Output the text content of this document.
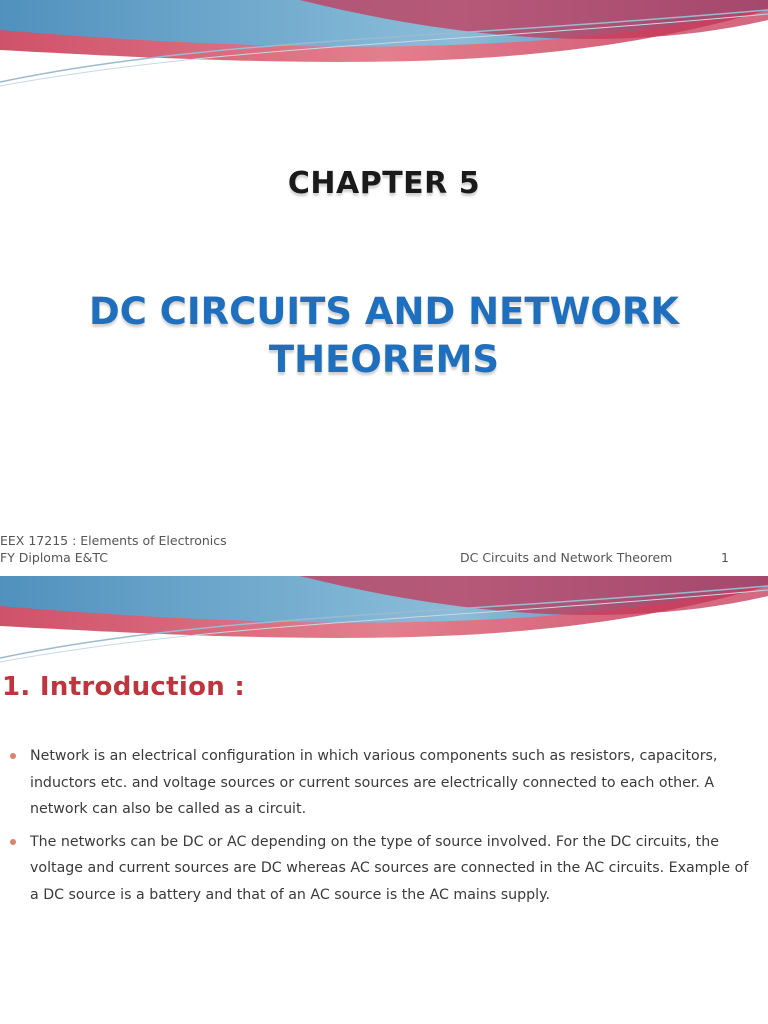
CHAPTER 5
DC CIRCUITS AND NETWORK
THEOREMS
EEX 17215 : Elements of Electronics
FY Diploma E&TC	DC Circuits and Network Theorem	1
1. Introduction :
Network is an electrical configuration in which various components such as resistors, capacitors, inductors etc. and voltage sources or current sources are electrically connected to each other. A network can also be called as a circuit.
The networks can be DC or AC depending on the type of source involved. For the DC circuits, the voltage and current sources are DC whereas AC sources are connected in the AC circuits. Example of a DC source is a battery and that of an AC source is the AC mains supply.
